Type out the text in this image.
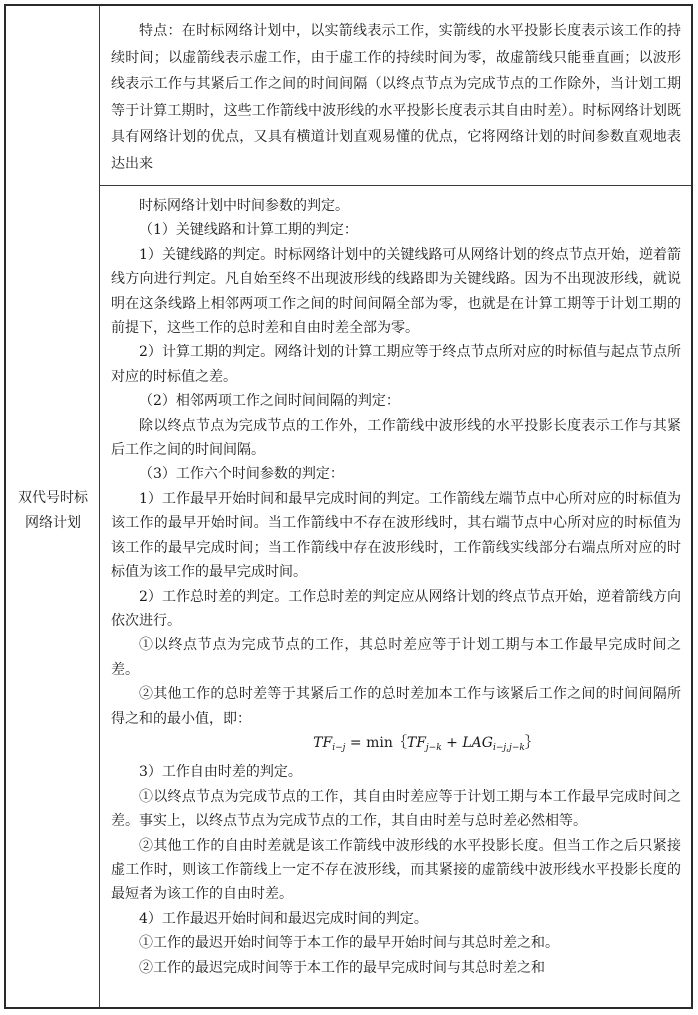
双代号时标
网络计划

特点：在时标网络计划中，以实箭线表示工作，实箭线的水平投影长度表示该工作的持续时间；以虚箭线表示虚工作，由于虚工作的持续时间为零，故虚箭线只能垂直画；以波形线表示工作与其紧后工作之间的时间间隔（以终点节点为完成节点的工作除外，当计划工期等于计算工期时，这些工作箭线中波形线的水平投影长度表示其自由时差）。时标网络计划既具有网络计划的优点，又具有横道计划直观易懂的优点，它将网络计划的时间参数直观地表达出来

时标网络计划中时间参数的判定。

（1）关键线路和计算工期的判定：

1）关键线路的判定。时标网络计划中的关键线路可从网络计划的终点节点开始，逆着箭线方向进行判定。凡自始至终不出现波形线的线路即为关键线路。因为不出现波形线，就说明在这条线路上相邻两项工作之间的时间间隔全部为零，也就是在计算工期等于计划工期的前提下，这些工作的总时差和自由时差全部为零。

2）计算工期的判定。网络计划的计算工期应等于终点节点所对应的时标值与起点节点所对应的时标值之差。

（2）相邻两项工作之间时间间隔的判定：

除以终点节点为完成节点的工作外，工作箭线中波形线的水平投影长度表示工作与其紧后工作之间的时间间隔。

（3）工作六个时间参数的判定：

1）工作最早开始时间和最早完成时间的判定。工作箭线左端节点中心所对应的时标值为该工作的最早开始时间。当工作箭线中不存在波形线时，其右端节点中心所对应的时标值为该工作的最早完成时间；当工作箭线中存在波形线时，工作箭线实线部分右端点所对应的时标值为该工作的最早完成时间。

2）工作总时差的判定。工作总时差的判定应从网络计划的终点节点开始，逆着箭线方向依次进行。

①以终点节点为完成节点的工作，其总时差应等于计划工期与本工作最早完成时间之差。

②其他工作的总时差等于其紧后工作的总时差加本工作与该紧后工作之间的时间间隔所得之和的最小值，即：

$TF_{i-j}$ = $\min\{TF_{j-k}$ + $LAG_{i-j,j-k}\}$

3）工作自由时差的判定。

①以终点节点为完成节点的工作，其自由时差应等于计划工期与本工作最早完成时间之差。事实上，以终点节点为完成节点的工作，其自由时差与总时差必然相等。

②其他工作的自由时差就是该工作箭线中波形线的水平投影长度。但当工作之后只紧接虚工作时，则该工作箭线上一定不存在波形线，而其紧接的虚箭线中波形线水平投影长度的最短者为该工作的自由时差。

4）工作最迟开始时间和最迟完成时间的判定。

①工作的最迟开始时间等于本工作的最早开始时间与其总时差之和。

②工作的最迟完成时间等于本工作的最早完成时间与其总时差之和
